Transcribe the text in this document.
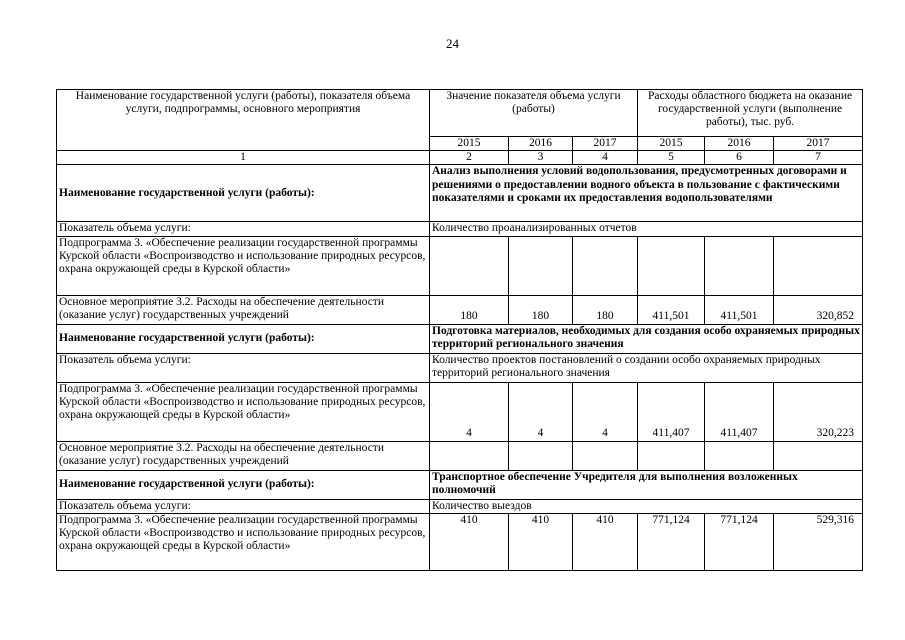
24
Наименование государственной услуги (работы), показателя объема услуги, подпрограммы, основного мероприятия	Значение показателя объема услуги (работы)			Расходы областного бюджета на оказание государственной услуги (выполнение работы), тыс. руб.		
	2015	2016	2017	2015	2016	2017
1	2	3	4	5	6	7
Наименование государственной услуги (работы):	Анализ выполнения условий водопользования, предусмотренных договорами и решениями о предоставлении водного объекта в пользование с фактическими показателями и сроками их предоставления водопользователями					
Показатель объема услуги:	Количество проанализированных отчетов					
Подпрограмма 3. «Обеспечение реализации государственной программы Курской области «Воспроизводство и использование природных ресурсов, охрана окружающей среды в Курской области»						
Основное мероприятие 3.2. Расходы на обеспечение деятельности (оказание услуг) государственных учреждений	180	180	180	411,501	411,501	320,852
Наименование государственной услуги (работы):	Подготовка материалов, необходимых для создания особо охраняемых природных территорий регионального значения					
Показатель объема услуги:	Количество проектов постановлений о создании особо охраняемых природных территорий регионального значения					
Подпрограмма 3. «Обеспечение реализации государственной программы Курской области «Воспроизводство и использование природных ресурсов, охрана окружающей среды в Курской области»	4	4	4	411,407	411,407	320,223
Основное мероприятие 3.2. Расходы на обеспечение деятельности (оказание услуг) государственных учреждений						
Наименование государственной услуги (работы):	Транспортное обеспечение Учредителя для выполнения возложенных полномочий					
Показатель объема услуги:	Количество выездов					
Подпрограмма 3. «Обеспечение реализации государственной программы Курской области «Воспроизводство и использование природных ресурсов, охрана окружающей среды в Курской области»	410	410	410	771,124	771,124	529,316
